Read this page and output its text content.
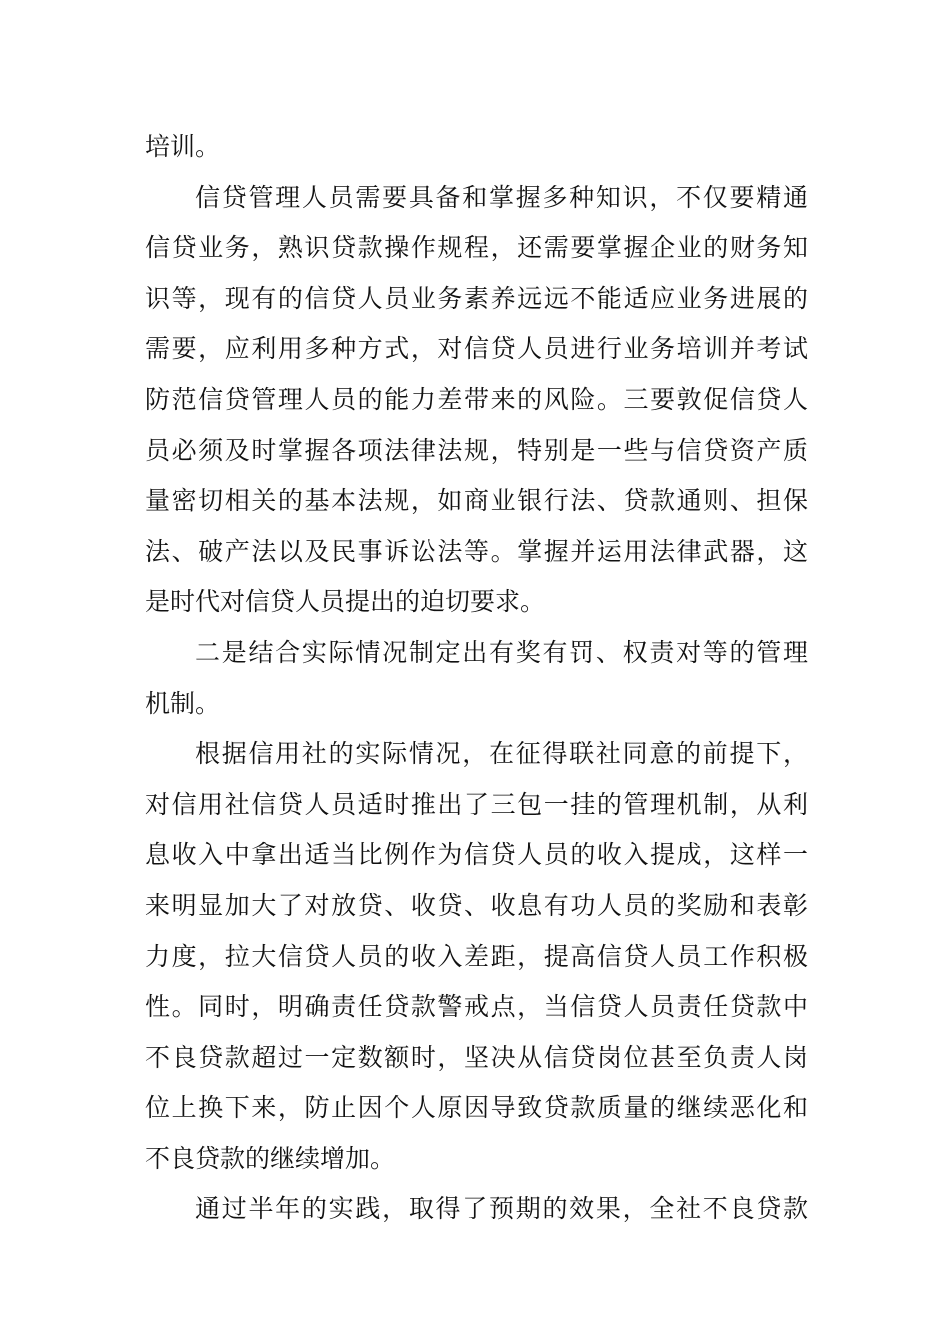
培训。
信贷管理人员需要具备和掌握多种知识，不仅要精通
信贷业务，熟识贷款操作规程，还需要掌握企业的财务知
识等，现有的信贷人员业务素养远远不能适应业务进展的
需要，应利用多种方式，对信贷人员进行业务培训并考试
防范信贷管理人员的能力差带来的风险。三要敦促信贷人
员必须及时掌握各项法律法规，特别是一些与信贷资产质
量密切相关的基本法规，如商业银行法、贷款通则、担保
法、破产法以及民事诉讼法等。掌握并运用法律武器，这
是时代对信贷人员提出的迫切要求。
二是结合实际情况制定出有奖有罚、权责对等的管理
机制。
根据信用社的实际情况，在征得联社同意的前提下，
对信用社信贷人员适时推出了三包一挂的管理机制，从利
息收入中拿出适当比例作为信贷人员的收入提成，这样一
来明显加大了对放贷、收贷、收息有功人员的奖励和表彰
力度，拉大信贷人员的收入差距，提高信贷人员工作积极
性。同时，明确责任贷款警戒点，当信贷人员责任贷款中
不良贷款超过一定数额时，坚决从信贷岗位甚至负责人岗
位上换下来，防止因个人原因导致贷款质量的继续恶化和
不良贷款的继续增加。
通过半年的实践，取得了预期的效果，全社不良贷款
